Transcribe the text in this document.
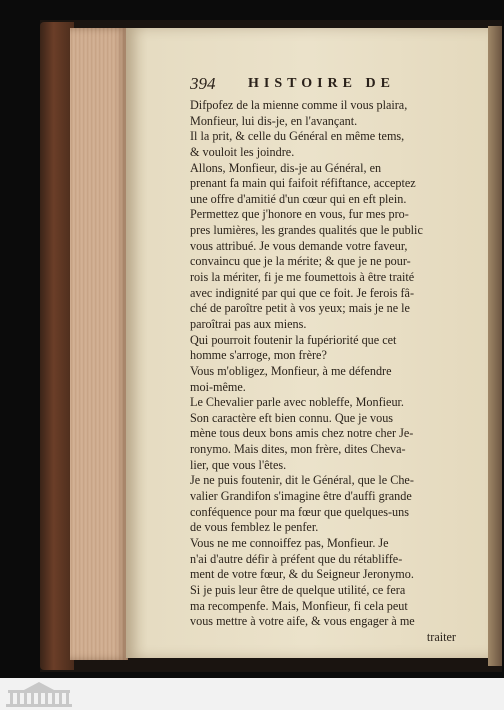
394 HISTOIRE DE
Difpofez de la mienne comme il vous plaira,
Monfieur, lui dis-je, en l'avançant.
Il la prit, & celle du Général en même tems,
& vouloit les joindre.
Allons, Monfieur, dis-je au Général, en
prenant fa main qui faifoit réfiftance, acceptez
une offre d'amitié d'un cœur qui en eft plein.
Permettez que j'honore en vous, fur mes pro-
pres lumières, les grandes qualités que le public
vous attribué. Je vous demande votre faveur,
convaincu que je la mérite; & que je ne pour-
rois la mériter, fi je me foumettois à être traité
avec indignité par qui que ce foit. Je ferois fâ-
ché de paroître petit à vos yeux; mais je ne le
paroîtrai pas aux miens.
Qui pourroit foutenir la fupériorité que cet
homme s'arroge, mon frère?
Vous m'obligez, Monfieur, à me défendre
moi-même.
Le Chevalier parle avec nobleffe, Monfieur.
Son caractère eft bien connu. Que je vous
mène tous deux bons amis chez notre cher Je-
ronymo. Mais dites, mon frère, dites Cheva-
lier, que vous l'êtes.
Je ne puis foutenir, dit le Général, que le Che-
valier Grandifon s'imagine être d'auffi grande
conféquence pour ma fœur que quelques-uns
de vous femblez le penfer.
Vous ne me connoiffez pas, Monfieur. Je
n'ai d'autre défir à préfent que du rétabliffe-
ment de votre fœur, & du Seigneur Jeronymo.
Si je puis leur être de quelque utilité, ce fera
ma recompenfe. Mais, Monfieur, fi cela peut
vous mettre à votre aife, & vous engager à me
traiter
